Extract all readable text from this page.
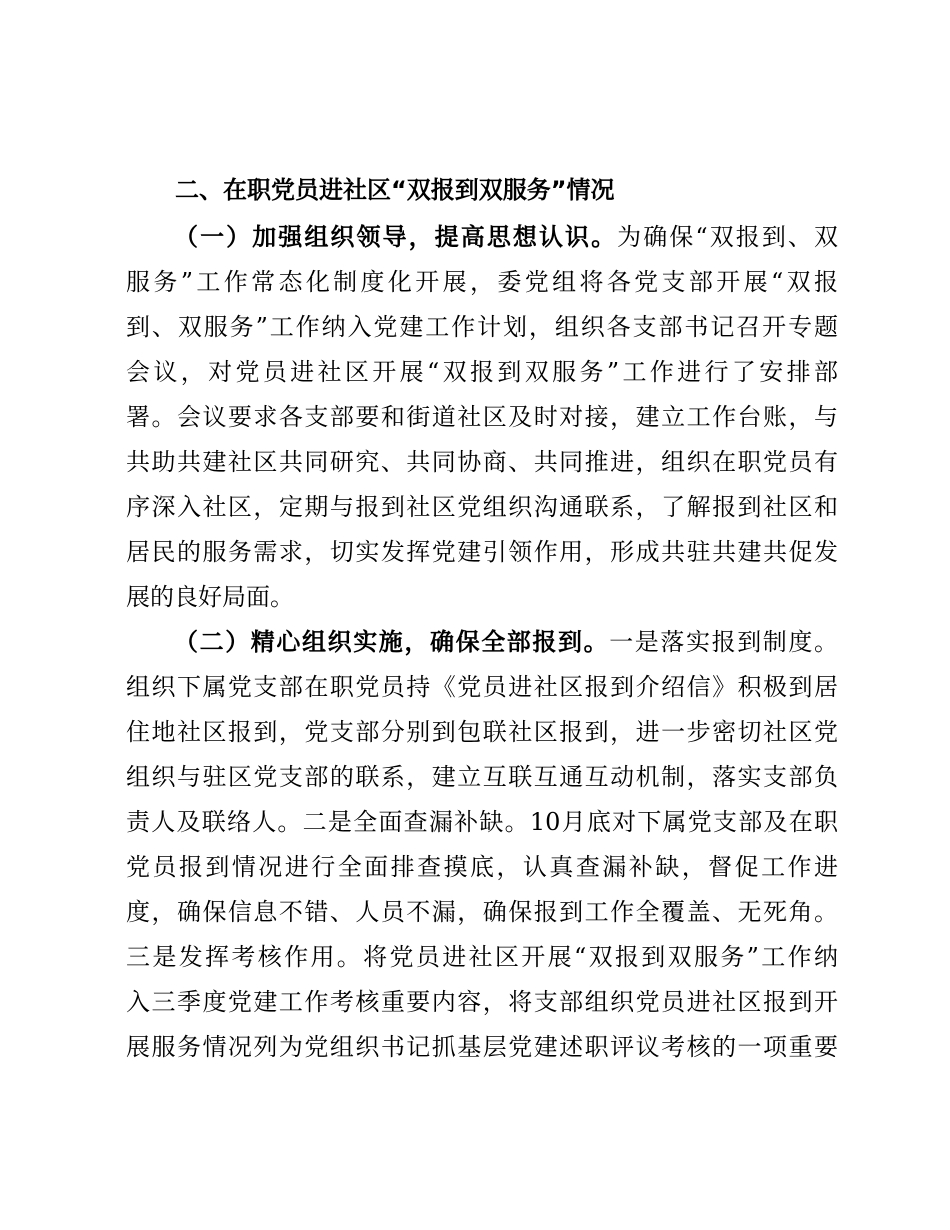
二、在职党员进社区“双报到双服务”情况
（一）加强组织领导，提高思想认识。为确保“双报到、双
服务”工作常态化制度化开展，委党组将各党支部开展“双报
到、双服务”工作纳入党建工作计划，组织各支部书记召开专题
会议，对党员进社区开展“双报到双服务”工作进行了安排部
署。会议要求各支部要和街道社区及时对接，建立工作台账，与
共助共建社区共同研究、共同协商、共同推进，组织在职党员有
序深入社区，定期与报到社区党组织沟通联系，了解报到社区和
居民的服务需求，切实发挥党建引领作用，形成共驻共建共促发
展的良好局面。
（二）精心组织实施，确保全部报到。一是落实报到制度。
组织下属党支部在职党员持《党员进社区报到介绍信》积极到居
住地社区报到，党支部分别到包联社区报到，进一步密切社区党
组织与驻区党支部的联系，建立互联互通互动机制，落实支部负
责人及联络人。二是全面查漏补缺。10月底对下属党支部及在职
党员报到情况进行全面排查摸底，认真查漏补缺，督促工作进
度，确保信息不错、人员不漏，确保报到工作全覆盖、无死角。
三是发挥考核作用。将党员进社区开展“双报到双服务”工作纳
入三季度党建工作考核重要内容，将支部组织党员进社区报到开
展服务情况列为党组织书记抓基层党建述职评议考核的一项重要
